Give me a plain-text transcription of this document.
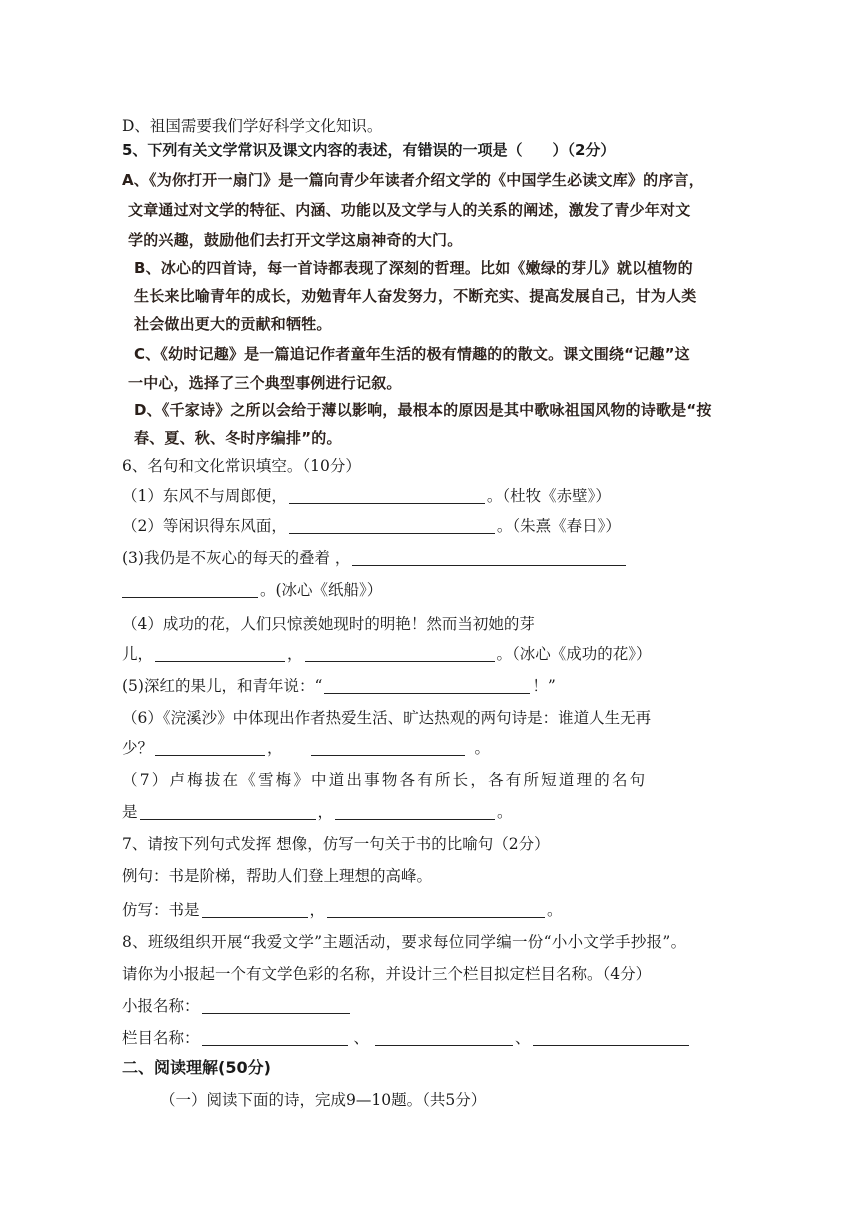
D、祖国需要我们学好科学文化知识。
5、下列有关文学常识及课文内容的表述，有错误的一项是（　　）（2分）
A、《为你打开一扇门》是一篇向青少年读者介绍文学的《中国学生必读文库》的序言，
文章通过对文学的特征、内涵、功能以及文学与人的关系的阐述，激发了青少年对文
学的兴趣，鼓励他们去打开文学这扇神奇的大门。
B、冰心的四首诗，每一首诗都表现了深刻的哲理。比如《嫩绿的芽儿》就以植物的
生长来比喻青年的成长，劝勉青年人奋发努力，不断充实、提高发展自己，甘为人类
社会做出更大的贡献和牺牲。
C、《幼时记趣》是一篇追记作者童年生活的极有情趣的的散文。课文围绕“记趣”这
一中心，选择了三个典型事例进行记叙。
D、《千家诗》之所以会给于薄以影响，最根本的原因是其中歌咏祖国风物的诗歌是“按
春、夏、秋、冬时序编排”的。
6、名句和文化常识填空。（10分）
（1）东风不与周郎便，	。（杜牧《赤壁》）
（2）等闲识得东风面，	。（朱熹《春日》）
(3)我仍是不灰心的每天的叠着 ，
。(冰心《纸船》）
（4）成功的花，人们只惊羡她现时的明艳！然而当初她的芽
儿，	，	。（冰心《成功的花》）
(5)深红的果儿，和青年说：“	！”
（6）《浣溪沙》中体现出作者热爱生活、旷达热观的两句诗是：谁道人生无再
少？	，	。
（7）卢梅拔在《雪梅》中道出事物各有所长，各有所短道理的名句
是	，	。
7、请按下列句式发挥 想像，仿写一句关于书的比喻句（2分）
例句：书是阶梯，帮助人们登上理想的高峰。
仿写：书是	，	。
8、班级组织开展“我爱文学”主题活动，要求每位同学编一份“小小文学手抄报”。
请你为小报起一个有文学色彩的名称，并设计三个栏目拟定栏目名称。（4分）
小报名称：
栏目名称：	、	、
二、阅读理解(50分)
（一）阅读下面的诗，完成9—10题。（共5分）
